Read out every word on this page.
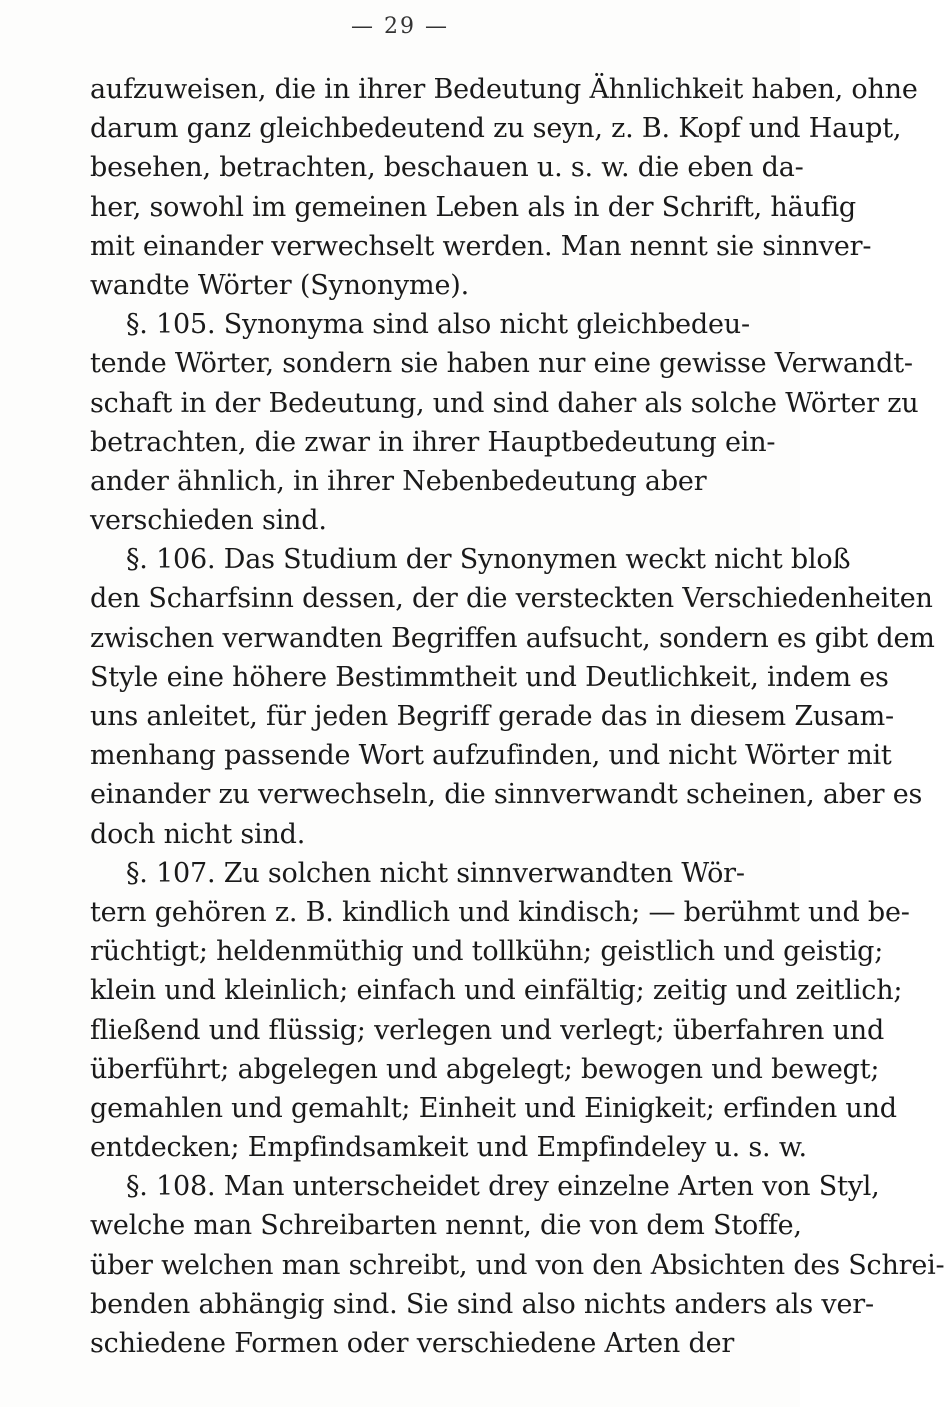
— 29 —
aufzuweisen, die in ihrer Bedeutung Ähnlichkeit haben, ohne
darum ganz gleichbedeutend zu seyn, z. B. Kopf und Haupt,
besehen, betrachten, beschauen u. s. w. die eben da-
her, sowohl im gemeinen Leben als in der Schrift, häufig
mit einander verwechselt werden. Man nennt sie sinnver-
wandte Wörter (Synonyme).
§. 105. Synonyma sind also nicht gleichbedeu-
tende Wörter, sondern sie haben nur eine gewisse Verwandt-
schaft in der Bedeutung, und sind daher als solche Wörter zu
betrachten, die zwar in ihrer Hauptbedeutung ein-
ander ähnlich, in ihrer Nebenbedeutung aber
verschieden sind.
§. 106. Das Studium der Synonymen weckt nicht bloß
den Scharfsinn dessen, der die versteckten Verschiedenheiten
zwischen verwandten Begriffen aufsucht, sondern es gibt dem
Style eine höhere Bestimmtheit und Deutlichkeit, indem es
uns anleitet, für jeden Begriff gerade das in diesem Zusam-
menhang passende Wort aufzufinden, und nicht Wörter mit
einander zu verwechseln, die sinnverwandt scheinen, aber es
doch nicht sind.
§. 107. Zu solchen nicht sinnverwandten Wör-
tern gehören z. B. kindlich und kindisch; — berühmt und be-
rüchtigt; heldenmüthig und tollkühn; geistlich und geistig;
klein und kleinlich; einfach und einfältig; zeitig und zeitlich;
fließend und flüssig; verlegen und verlegt; überfahren und
überführt; abgelegen und abgelegt; bewogen und bewegt;
gemahlen und gemahlt; Einheit und Einigkeit; erfinden und
entdecken; Empfindsamkeit und Empfindeley u. s. w.
§. 108. Man unterscheidet drey einzelne Arten von Styl,
welche man Schreibarten nennt, die von dem Stoffe,
über welchen man schreibt, und von den Absichten des Schrei-
benden abhängig sind. Sie sind also nichts anders als ver-
schiedene Formen oder verschiedene Arten der
